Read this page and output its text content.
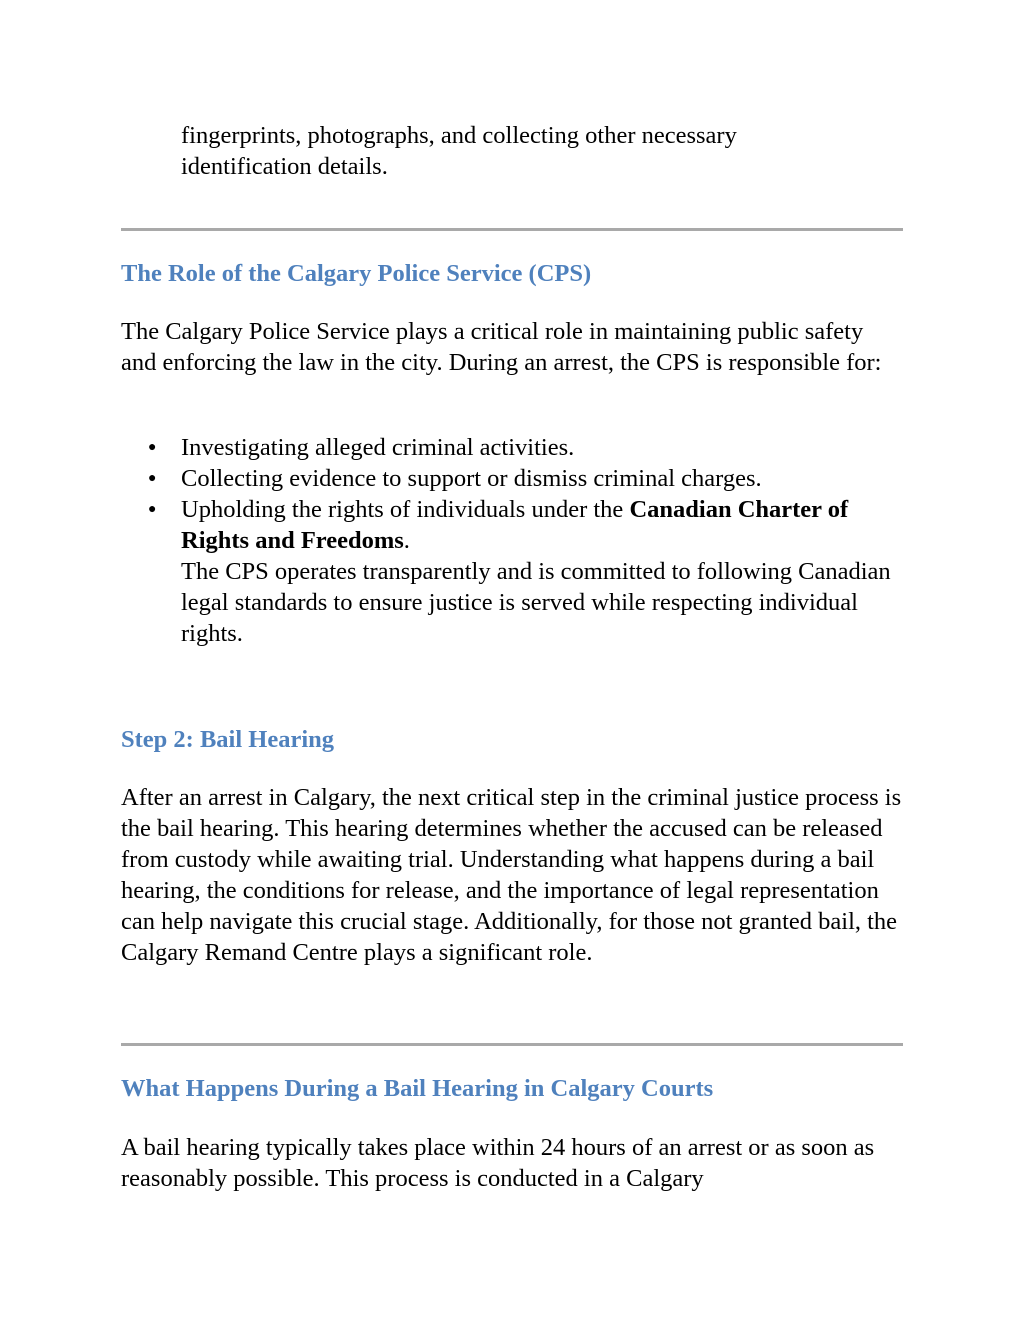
fingerprints, photographs, and collecting other necessary

identification details.

The Role of the Calgary Police Service (CPS)

The Calgary Police Service plays a critical role in maintaining public safety and enforcing the law in the city. During an arrest, the CPS is responsible for:

● Investigating alleged criminal activities.
● Collecting evidence to support or dismiss criminal charges.
● Upholding the rights of individuals under the Canadian Charter of Rights and Freedoms.
The CPS operates transparently and is committed to following Canadian legal standards to ensure justice is served while respecting individual rights.
Step 2: Bail Hearing

After an arrest in Calgary, the next critical step in the criminal justice process is the bail hearing. This hearing determines whether the accused can be released from custody while awaiting trial. Understanding what happens during a bail hearing, the conditions for release, and the importance of legal representation can help navigate this crucial stage. Additionally, for those not granted bail, the Calgary Remand Centre plays a significant role.

What Happens During a Bail Hearing in Calgary Courts

A bail hearing typically takes place within 24 hours of an arrest or as soon as reasonably possible. This process is conducted in a Calgary
